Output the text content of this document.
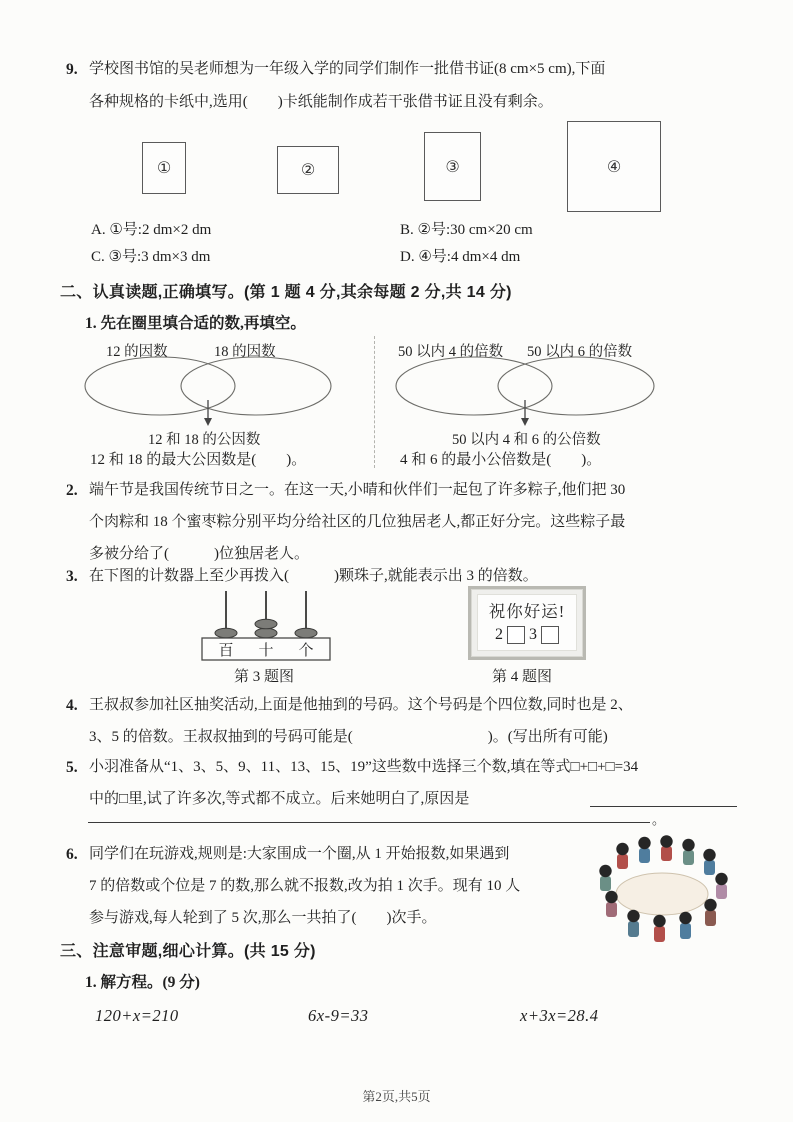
9. 学校图书馆的吴老师想为一年级入学的同学们制作一批借书证(8 cm×5 cm),下面
各种规格的卡纸中,选用(　　)卡纸能制作成若干张借书证且没有剩余。
①	②	③	④
A. ①号:2 dm×2 dm	B. ②号:30 cm×20 cm
C. ③号:3 dm×3 dm	D. ④号:4 dm×4 dm
二、认真读题,正确填写。(第 1 题 4 分,其余每题 2 分,共 14 分)
1. 先在圈里填合适的数,再填空。
12 的因数	18 的因数
12 和 18 的公因数
12 和 18 的最大公因数是(　　)。
50 以内 4 的倍数 50 以内 6 的倍数
50 以内 4 和 6 的公倍数
4 和 6 的最小公倍数是(　　)。
2. 端午节是我国传统节日之一。在这一天,小晴和伙伴们一起包了许多粽子,他们把 30
个肉粽和 18 个蜜枣粽分别平均分给社区的几位独居老人,都正好分完。这些粽子最
多被分给了(　　　)位独居老人。
3. 在下图的计数器上至少再拨入(　　　)颗珠子,就能表示出 3 的倍数。
百 十 个
第 3 题图
祝你好运!
2 3
第 4 题图
4. 王叔叔参加社区抽奖活动,上面是他抽到的号码。这个号码是个四位数,同时也是 2、
3、5 的倍数。王叔叔抽到的号码可能是(　　　　　　　　　)。(写出所有可能)
5. 小羽准备从“1、3、5、9、11、13、15、19”这些数中选择三个数,填在等式□+□+□=34
中的□里,试了许多次,等式都不成立。后来她明白了,原因是
。
6. 同学们在玩游戏,规则是:大家围成一个圈,从 1 开始报数,如果遇到
7 的倍数或个位是 7 的数,那么就不报数,改为拍 1 次手。现有 10 人
参与游戏,每人轮到了 5 次,那么一共拍了(　　)次手。
三、注意审题,细心计算。(共 15 分)
1. 解方程。(9 分)
120+x=210	6x-9=33	x+3x=28.4
第2页,共5页
